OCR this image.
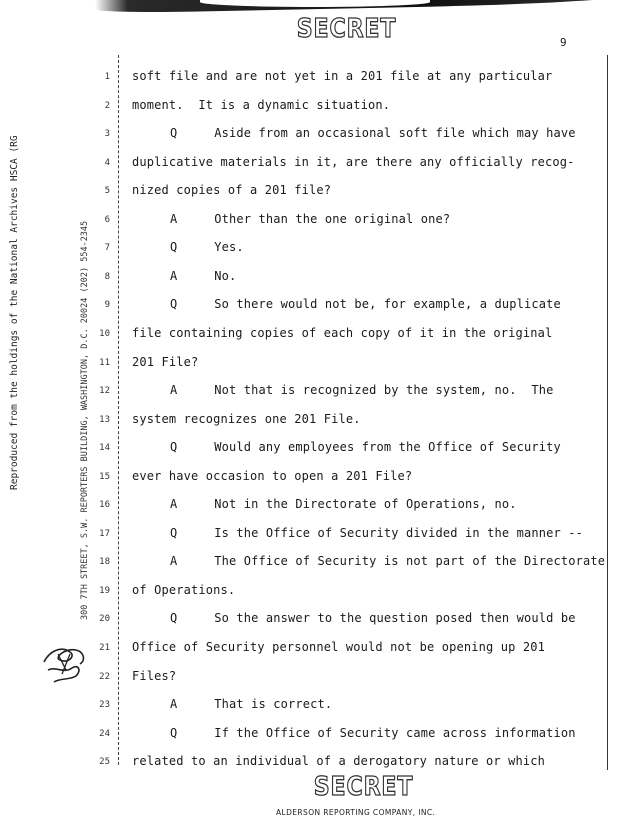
SECRET	9
Reproduced from the holdings of the National Archives HSCA (RG	300 7TH STREET, S.W. REPORTERS BUILDING, WASHINGTON, D.C. 20024 (202) 554-2345
1 soft file and are not yet in a 201 file at any particular
2 moment.  It is a dynamic situation.
3	Q     Aside from an occasional soft file which may have
4 duplicative materials in it, are there any officially recog-
5 nized copies of a 201 file?
6	A     Other than the one original one?
7	Q     Yes.
8	A     No.
9	Q     So there would not be, for example, a duplicate
10 file containing copies of each copy of it in the original
11 201 File?
12	A     Not that is recognized by the system, no.  The
13 system recognizes one 201 File.
14	Q     Would any employees from the Office of Security
15 ever have occasion to open a 201 File?
16	A     Not in the Directorate of Operations, no.
17	Q     Is the Office of Security divided in the manner --
18	A     The Office of Security is not part of the Directorate
19 of Operations.
20	Q     So the answer to the question posed then would be
21 Office of Security personnel would not be opening up 201
22 Files?
23	A     That is correct.
24	Q     If the Office of Security came across information
25 related to an individual of a derogatory nature or which
SECRET
ALDERSON REPORTING COMPANY, INC.
